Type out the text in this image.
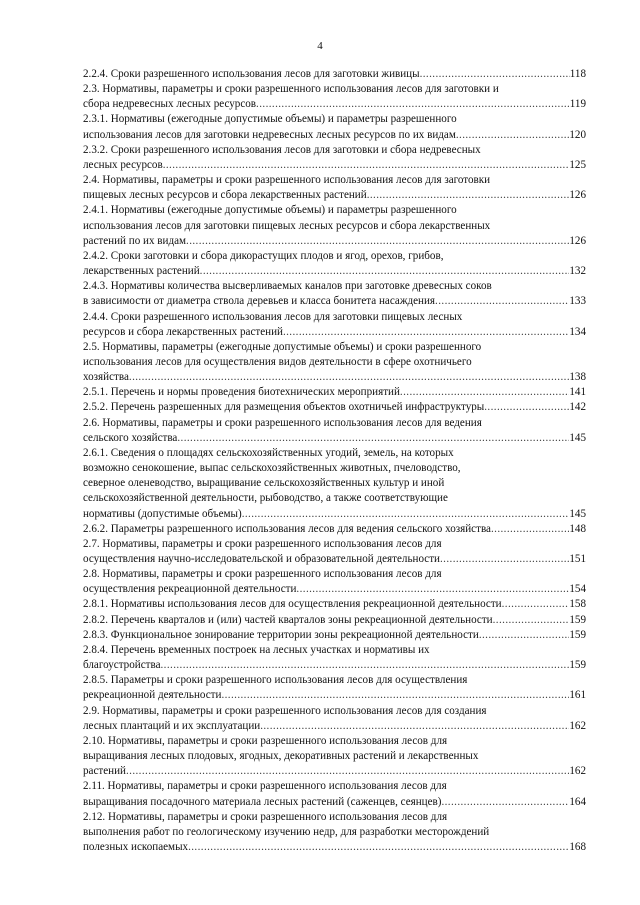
4
2.2.4. Сроки разрешенного использования лесов для заготовки живицы .....	118
2.3. Нормативы, параметры и сроки разрешенного использования лесов для заготовки и
сбора недревесных лесных ресурсов .....	119
2.3.1. Нормативы (ежегодные допустимые объемы) и параметры разрешенного
использования лесов для заготовки недревесных лесных ресурсов по их видам .....	120
2.3.2. Сроки разрешенного использования лесов для заготовки и сбора недревесных
лесных ресурсов .....	125
2.4. Нормативы, параметры и сроки разрешенного использования лесов для заготовки
пищевых лесных ресурсов и сбора лекарственных растений .....	126
2.4.1. Нормативы (ежегодные допустимые объемы) и параметры разрешенного
использования лесов для заготовки пищевых лесных ресурсов и сбора лекарственных
растений по их видам .....	126
2.4.2. Сроки заготовки и сбора дикорастущих плодов и ягод, орехов, грибов,
лекарственных растений .....	132
2.4.3. Нормативы количества высверливаемых каналов при заготовке древесных соков
в зависимости от диаметра ствола деревьев и класса бонитета насаждения .....	133
2.4.4. Сроки разрешенного использования лесов для заготовки пищевых лесных
ресурсов и сбора лекарственных растений .....	134
2.5. Нормативы, параметры (ежегодные допустимые объемы) и сроки разрешенного
использования лесов для осуществления видов деятельности в сфере охотничьего
хозяйства .....	138
2.5.1. Перечень и нормы проведения биотехнических мероприятий .....	141
2.5.2. Перечень разрешенных для размещения объектов охотничьей инфраструктуры .....	142
2.6. Нормативы, параметры и сроки разрешенного использования лесов для ведения
сельского хозяйства .....	145
2.6.1. Сведения о площадях сельскохозяйственных угодий, земель, на которых
возможно сенокошение, выпас сельскохозяйственных животных, пчеловодство,
северное оленеводство, выращивание сельскохозяйственных культур и иной
сельскохозяйственной деятельности, рыбоводство, а также соответствующие
нормативы (допустимые объемы) .....	145
2.6.2. Параметры разрешенного использования лесов для ведения сельского хозяйства .....	148
2.7. Нормативы, параметры и сроки разрешенного использования лесов для
осуществления научно-исследовательской и образовательной деятельности .....	151
2.8. Нормативы, параметры и сроки разрешенного использования лесов для
осуществления рекреационной деятельности .....	154
2.8.1. Нормативы использования лесов для осуществления рекреационной деятельности .....	158
2.8.2. Перечень кварталов и (или) частей кварталов зоны рекреационной деятельности .....	159
2.8.3. Функциональное зонирование территории зоны рекреационной деятельности .....	159
2.8.4. Перечень временных построек на лесных участках и нормативы их
благоустройства .....	159
2.8.5. Параметры и сроки разрешенного использования лесов для осуществления
рекреационной деятельности .....	161
2.9. Нормативы, параметры и сроки разрешенного использования лесов для создания
лесных плантаций и их эксплуатации .....	162
2.10. Нормативы, параметры и сроки разрешенного использования лесов для
выращивания лесных плодовых, ягодных, декоративных растений и лекарственных
растений .....	162
2.11. Нормативы, параметры и сроки разрешенного использования лесов для
выращивания посадочного материала лесных растений (саженцев, сеянцев) .....	164
2.12. Нормативы, параметры и сроки разрешенного использования лесов для
выполнения работ по геологическому изучению недр, для разработки месторождений
полезных ископаемых .....	168
